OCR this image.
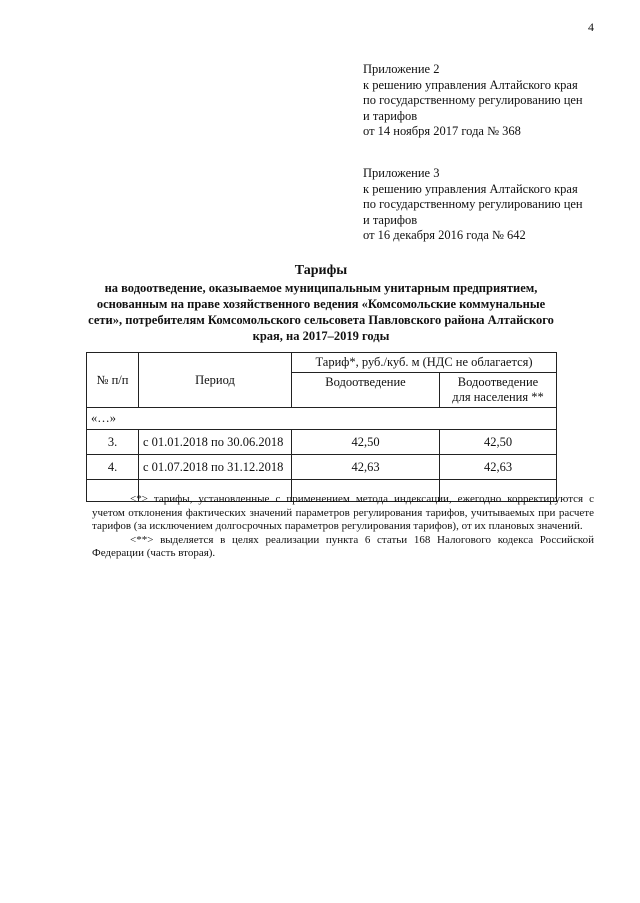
4
Приложение 2
к решению управления Алтайского края
по государственному регулированию цен
и тарифов
от 14 ноября 2017 года № 368
Приложение 3
к решению управления Алтайского края
по государственному регулированию цен
и тарифов
от 16 декабря 2016 года № 642
Тарифы
на водоотведение, оказываемое муниципальным унитарным предприятием,
основанным на праве хозяйственного ведения «Комсомольские коммунальные
сети», потребителям Комсомольского сельсовета Павловского района Алтайского
края, на 2017–2019 годы
№ п/п	Период	Тариф*, руб./куб. м (НДС не облагается)	
		Водоотведение	Водоотведение
для населения **
«…»			
3.	с 01.01.2018 по 30.06.2018	42,50	42,50
4.	с 01.07.2018 по 31.12.2018	42,63	42,63

<*> тарифы, установленные с применением метода индексации, ежегодно корректируются с учетом отклонения фактических значений параметров регулирования тарифов, учитываемых при расчете тарифов (за исключением долгосрочных параметров регулирования тарифов), от их плановых значений.

<**> выделяется в целях реализации пункта 6 статьи 168 Налогового кодекса Российской Федерации (часть вторая).
